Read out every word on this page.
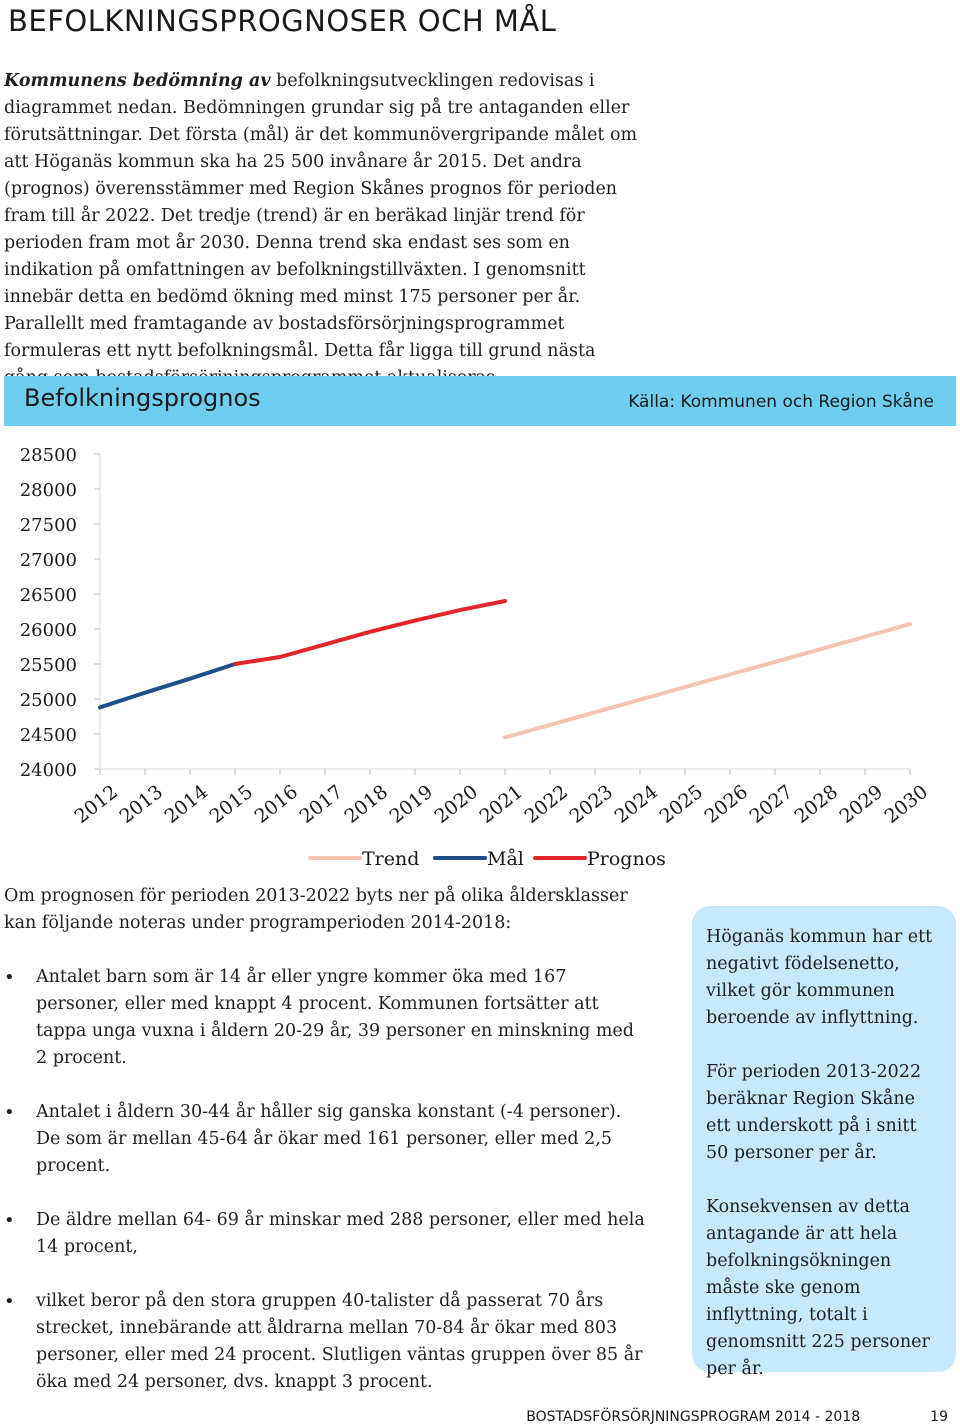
BEFOLKNINGSPROGNOSER OCH MÅL

Kommunens bedömning av befolkningsutvecklingen redovisas i diagrammet nedan. Bedömningen grundar sig på tre antaganden eller förutsättningar. Det första (mål) är det kommunövergripande målet om att Höganäs kommun ska ha 25 500 invånare år 2015. Det andra (prognos) överensstämmer med Region Skånes prognos för perioden fram till år 2022. Det tredje (trend) är en beräkad linjär trend för perioden fram mot år 2030. Denna trend ska endast ses som en indikation på omfattningen av befolkningstillväxten. I genomsnitt innebär detta en bedömd ökning med minst 175 personer per år. Parallellt med framtagande av bostadsförsörjningsprogrammet formuleras ett nytt befolkningsmål. Detta får ligga till grund nästa

Befolkningsprognos	Källa: Kommunen och Region Skåne
28500
28000
27500
27000
26500
26000
25500
25000
24500
24000
2012
2013
2014
2015
2016
2017
2018
2019
2020
2021
2022
2023
2024
2025
2026
2027
2028
2029
2030
Trend	Mål	Prognos

Om prognosen för perioden 2013-2022 byts ner på olika åldersklasser kan följande noteras under programperioden 2014-2018:

• Antalet barn som är 14 år eller yngre kommer öka med 167 personer, eller med knappt 4 procent. Kommunen fortsätter att tappa unga vuxna i åldern 20-29 år, 39 personer en minskning med 2 procent.
• Antalet i åldern 30-44 år håller sig ganska konstant (-4 personer). De som är mellan 45-64 år ökar med 161 personer, eller med 2,5 procent.
• De äldre mellan 64- 69 år minskar med 288 personer, eller med hela 14 procent,
• vilket beror på den stora gruppen 40-talister då passerat 70 års strecket, innebärande att åldrarna mellan 70-84 år ökar med 803 personer, eller med 24 procent. Slutligen väntas gruppen över 85 år öka med 24 personer, dvs. knappt 3 procent.

Höganäs kommun har ett negativt födelsenetto, vilket gör kommunen beroende av inflyttning.

För perioden 2013-2022 beräknar Region Skåne ett underskott på i snitt 50 personer per år.

Konsekvensen av detta antagande är att hela befolkningsökningen måste ske genom inflyttning, totalt i genomsnitt 225 personer per år.

BOSTADSFÖRSÖRJNINGSPROGRAM 2014 - 2018	19
